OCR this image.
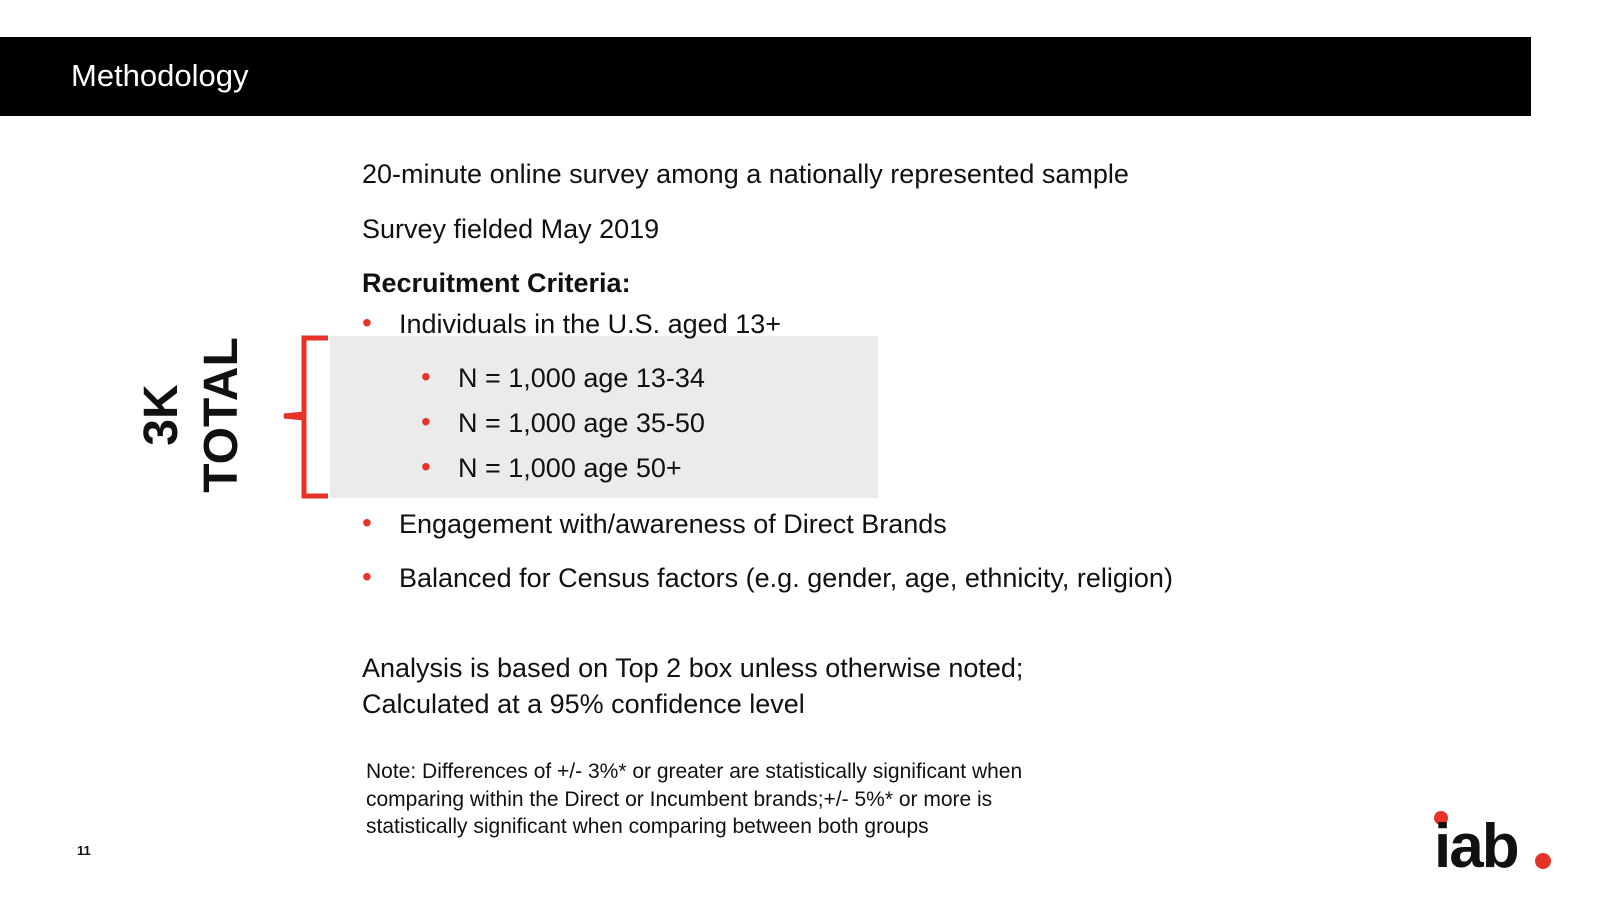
Methodology
20-minute online survey among a nationally represented sample
Survey fielded May 2019
Recruitment Criteria:
3K TOTAL
• Individuals in the U.S. aged 13+
• N = 1,000 age 13-34
• N = 1,000 age 35-50
• N = 1,000 age 50+
• Engagement with/awareness of Direct Brands
• Balanced for Census factors (e.g. gender, age, ethnicity, religion)
Analysis is based on Top 2 box unless otherwise noted;
Calculated at a 95% confidence level
Note: Differences of +/- 3%* or greater are statistically significant when
comparing within the Direct or Incumbent brands;+/- 5%* or more is
statistically significant when comparing between both groups
11	iab
